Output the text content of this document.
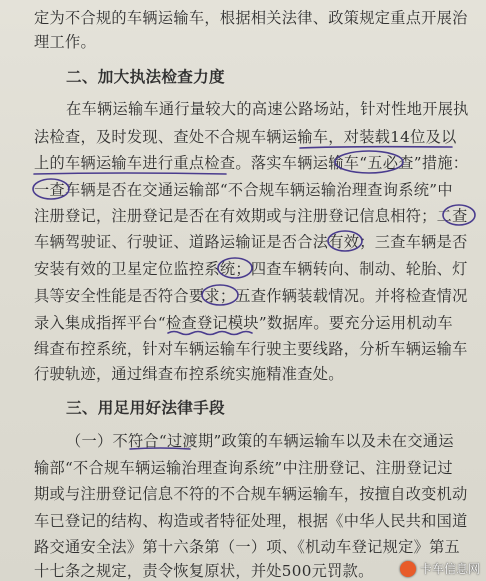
定为不合规的车辆运输车，根据相关法律、政策规定重点开展治
理工作。
二、加大执法检查力度
在车辆运输车通行量较大的高速公路场站，针对性地开展执
法检查，及时发现、查处不合规车辆运输车，对装载14位及以
上的车辆运输车进行重点检查。落实车辆运输车“五必查”措施：
一查车辆是否在交通运输部“不合规车辆运输治理查询系统”中
注册登记，注册登记是否在有效期或与注册登记信息相符；二查
车辆驾驶证、行驶证、道路运输证是否合法有效；三查车辆是否
安装有效的卫星定位监控系统；四查车辆转向、制动、轮胎、灯
具等安全性能是否符合要求；五查作辆装载情况。并将检查情况
录入集成指挥平台“检查登记模块”数据库。要充分运用机动车
缉查布控系统，针对车辆运输车行驶主要线路，分析车辆运输车
行驶轨迹，通过缉查布控系统实施精准查处。
三、用足用好法律手段
（一）不符合“过渡期”政策的车辆运输车以及未在交通运
输部“不合规车辆运输治理查询系统”中注册登记、注册登记过
期或与注册登记信息不符的不合规车辆运输车，按擅自改变机动
车已登记的结构、构造或者特征处理，根据《中华人民共和国道
路交通安全法》第十六条第（一）项、《机动车登记规定》第五
十七条之规定，责令恢复原状，并处500元罚款。	卡车信息网
